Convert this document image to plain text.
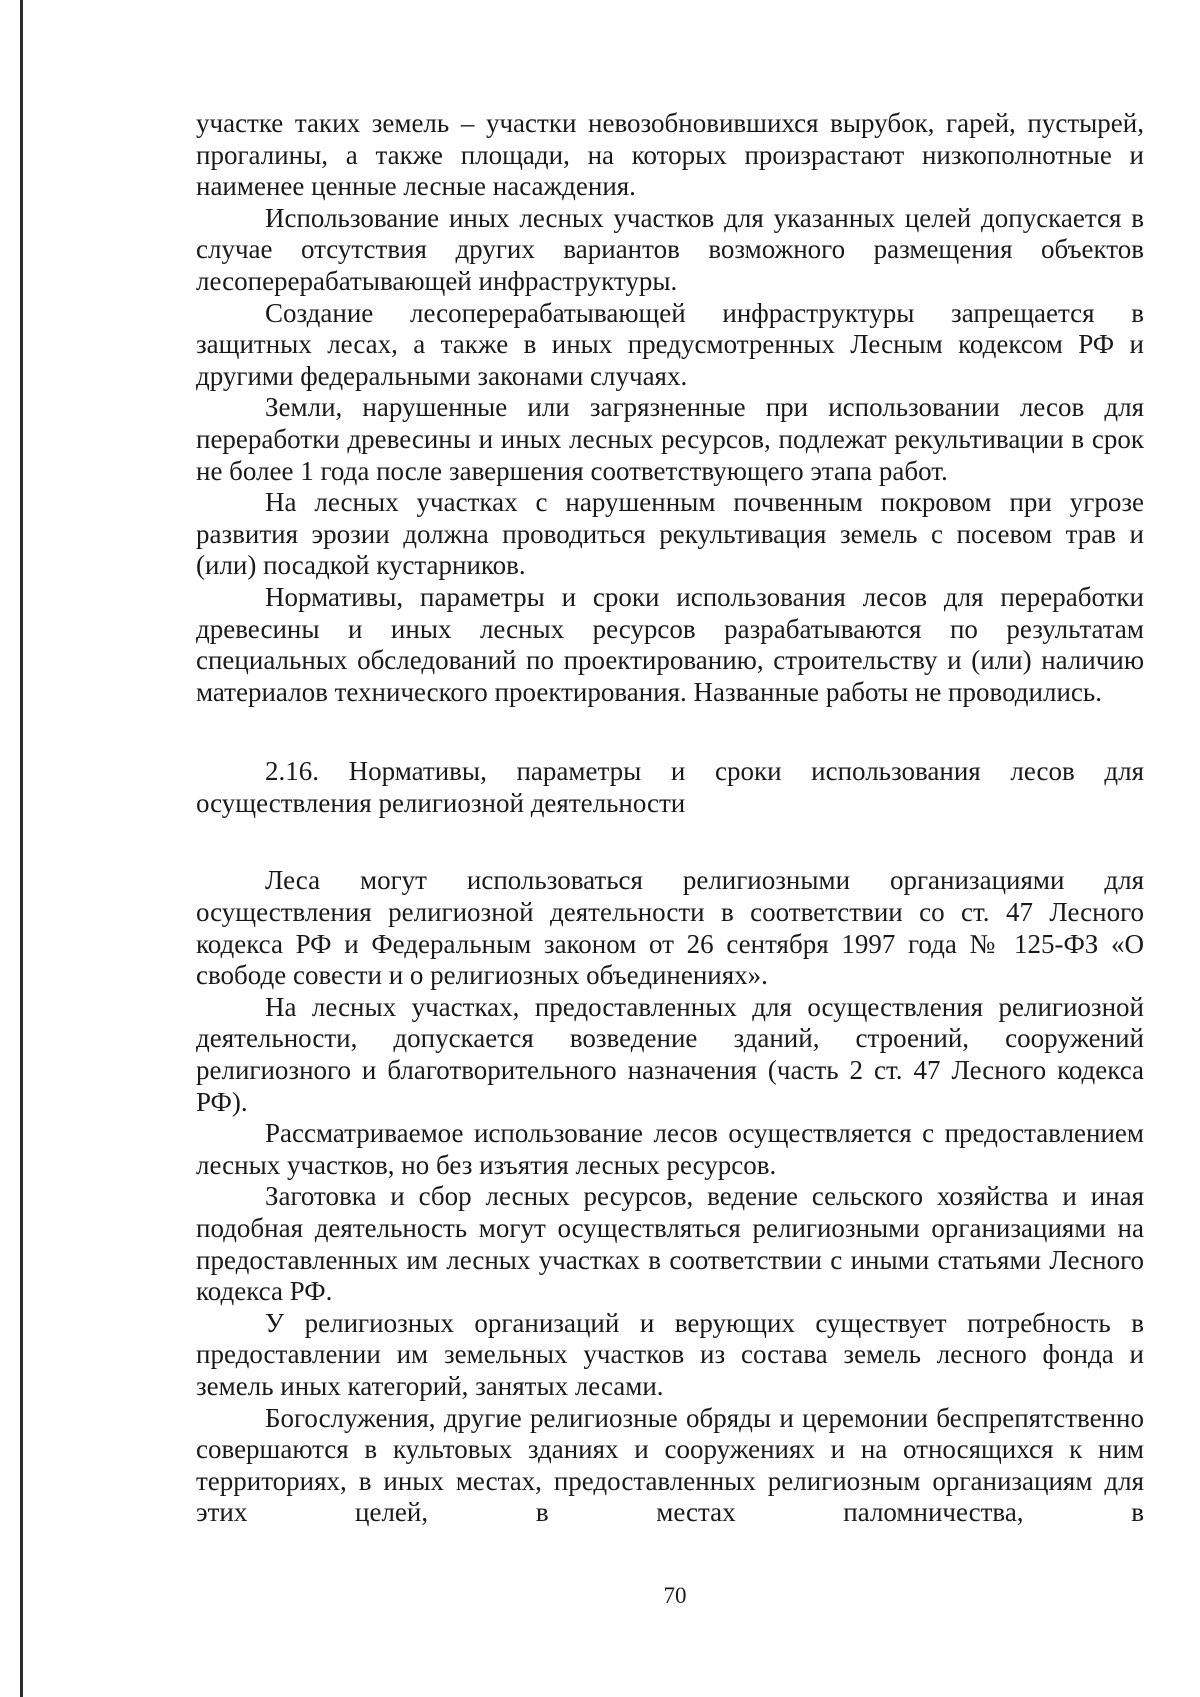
участке таких земель – участки невозобновившихся вырубок, гарей, пустырей, прогалины, а также площади, на которых произрастают низкополнотные и наименее ценные лесные насаждения.

Использование иных лесных участков для указанных целей допускается в случае отсутствия других вариантов возможного размещения объектов лесоперерабатывающей инфраструктуры.

Создание лесоперерабатывающей инфраструктуры запрещается в защитных лесах, а также в иных предусмотренных Лесным кодексом РФ и другими федеральными законами случаях.

Земли, нарушенные или загрязненные при использовании лесов для переработки древесины и иных лесных ресурсов, подлежат рекультивации в срок не более 1 года после завершения соответствующего этапа работ.

На лесных участках с нарушенным почвенным покровом при угрозе развития эрозии должна проводиться рекультивация земель с посевом трав и (или) посадкой кустарников.

Нормативы, параметры и сроки использования лесов для переработки древесины и иных лесных ресурсов разрабатываются по результатам специальных обследований по проектированию, строительству и (или) наличию материалов технического проектирования. Названные работы не проводились.

2.16. Нормативы, параметры и сроки использования лесов для осуществления религиозной деятельности

Леса могут использоваться религиозными организациями для осуществления религиозной деятельности в соответствии со ст. 47 Лесного кодекса РФ и Федеральным законом от 26 сентября 1997 года № 125-ФЗ «О свободе совести и о религиозных объединениях».

На лесных участках, предоставленных для осуществления религиозной деятельности, допускается возведение зданий, строений, сооружений религиозного и благотворительного назначения (часть 2 ст. 47 Лесного кодекса РФ).

Рассматриваемое использование лесов осуществляется с предоставлением лесных участков, но без изъятия лесных ресурсов.

Заготовка и сбор лесных ресурсов, ведение сельского хозяйства и иная подобная деятельность могут осуществляться религиозными организациями на предоставленных им лесных участках в соответствии с иными статьями Лесного кодекса РФ.

У религиозных организаций и верующих существует потребность в предоставлении им земельных участков из состава земель лесного фонда и земель иных категорий, занятых лесами.

Богослужения, другие религиозные обряды и церемонии беспрепятственно совершаются в культовых зданиях и сооружениях и на относящихся к ним территориях, в иных местах, предоставленных религиозным организациям для этих целей, в местах паломничества, в

70
